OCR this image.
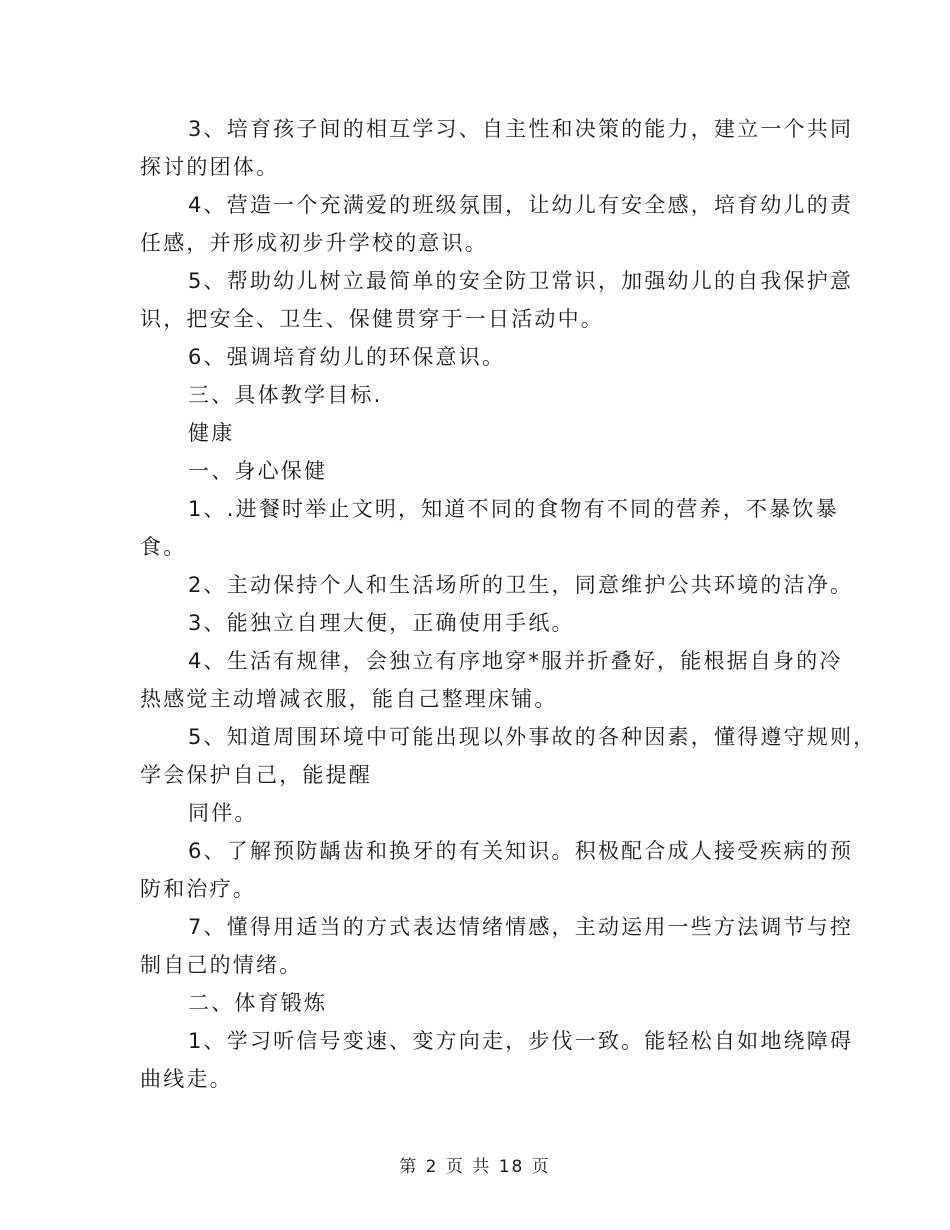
3、培育孩子间的相互学习、自主性和决策的能力，建立一个共同
探讨的团体。
4、营造一个充满爱的班级氛围，让幼儿有安全感，培育幼儿的责
任感，并形成初步升学校的意识。
5、帮助幼儿树立最简单的安全防卫常识，加强幼儿的自我保护意
识，把安全、卫生、保健贯穿于一日活动中。
6、强调培育幼儿的环保意识。
三、具体教学目标.
健康
一、身心保健
1、.进餐时举止文明，知道不同的食物有不同的营养，不暴饮暴
食。
2、主动保持个人和生活场所的卫生，同意维护公共环境的洁净。
3、能独立自理大便，正确使用手纸。
4、生活有规律，会独立有序地穿*服并折叠好，能根据自身的冷
热感觉主动增减衣服，能自己整理床铺。
5、知道周围环境中可能出现以外事故的各种因素，懂得遵守规则，
学会保护自己，能提醒
同伴。
6、了解预防龋齿和换牙的有关知识。积极配合成人接受疾病的预
防和治疗。
7、懂得用适当的方式表达情绪情感，主动运用一些方法调节与控
制自己的情绪。
二、体育锻炼
1、学习听信号变速、变方向走，步伐一致。能轻松自如地绕障碍
曲线走。
第 2 页 共 18 页
